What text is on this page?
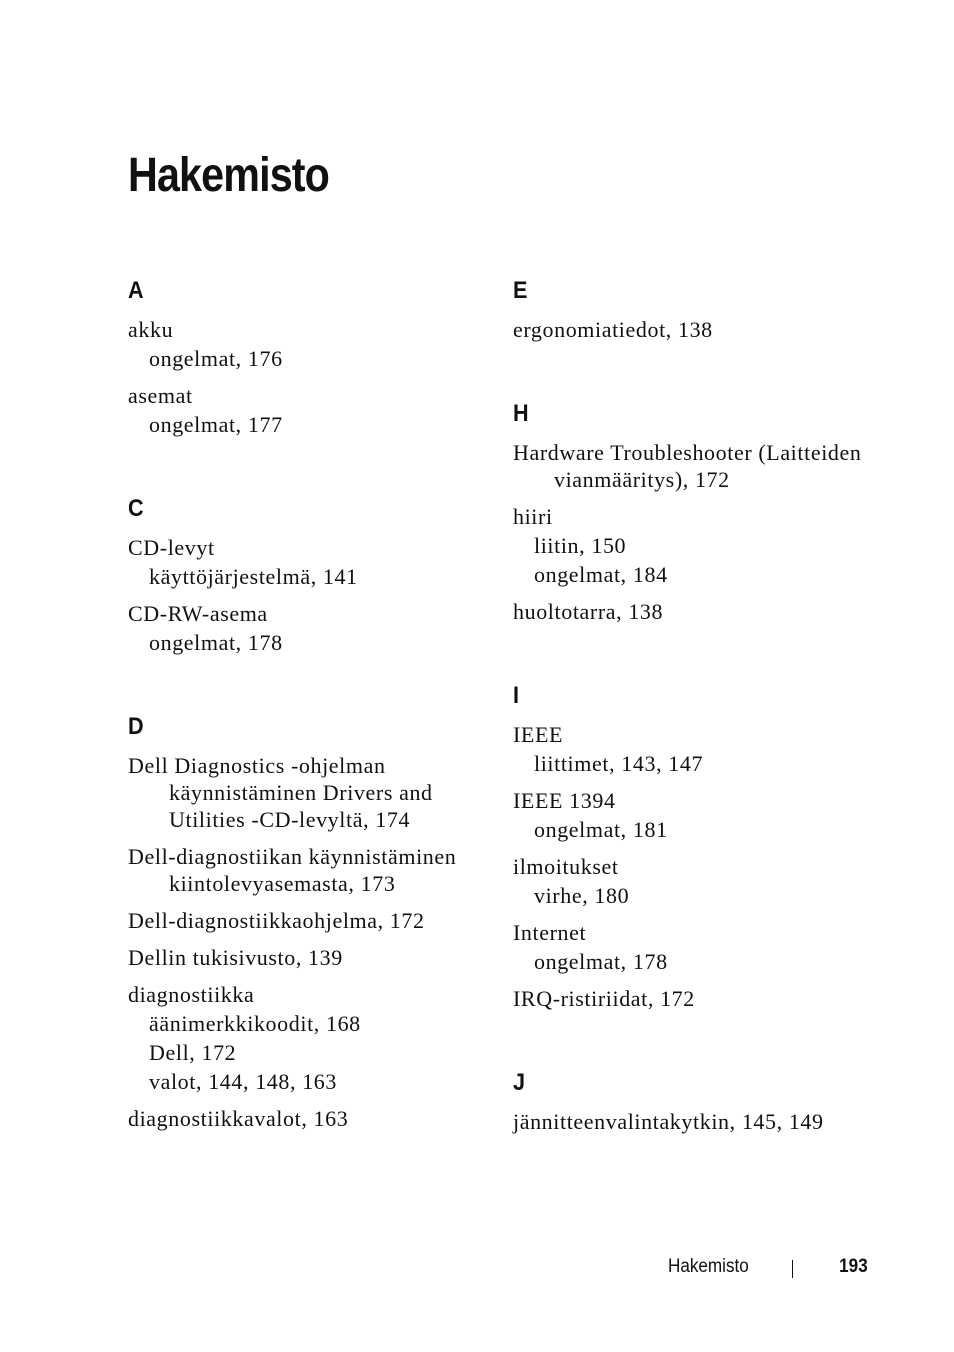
Hakemisto
A
akku
ongelmat, 176
asemat
ongelmat, 177
C
CD-levyt
käyttöjärjestelmä, 141
CD-RW-asema
ongelmat, 178
D
Dell Diagnostics -ohjelman käynnistäminen Drivers and Utilities -CD-levyltä, 174
Dell-diagnostiikan käynnistäminen kiintolevyasemasta, 173
Dell-diagnostiikkaohjelma, 172
Dellin tukisivusto, 139
diagnostiikka
äänimerkkikoodit, 168
Dell, 172
valot, 144, 148, 163
diagnostiikkavalot, 163
E
ergonomiatiedot, 138
H
Hardware Troubleshooter (Laitteiden vianmääritys), 172
hiiri
liitin, 150
ongelmat, 184
huoltotarra, 138
I
IEEE
liittimet, 143, 147
IEEE 1394
ongelmat, 181
ilmoitukset
virhe, 180
Internet
ongelmat, 178
IRQ-ristiriidat, 172
J
jännitteenvalintakytkin, 145, 149
Hakemisto	193
